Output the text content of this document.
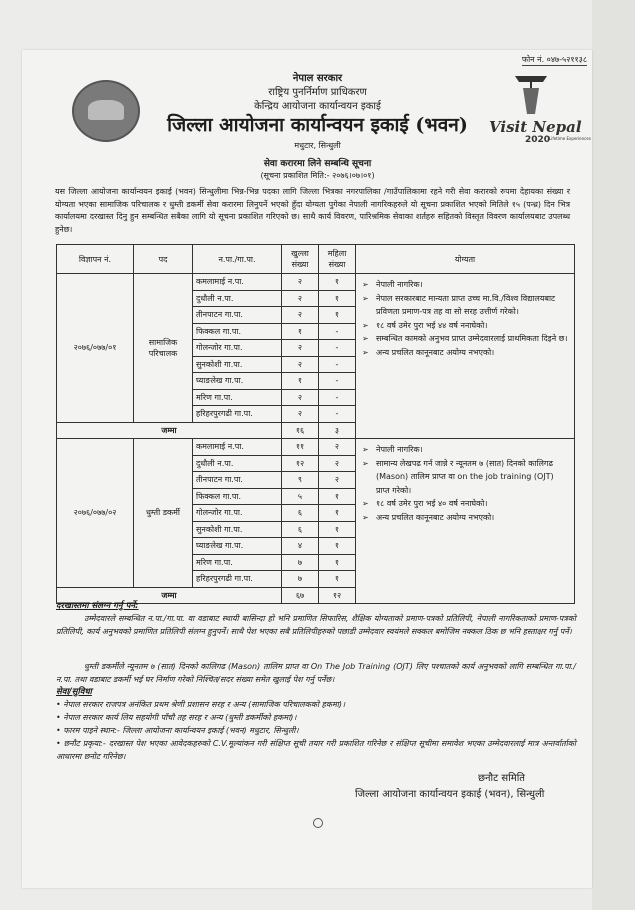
फोन नं. ०४७-५२११३८
Visit Nepal
2020
Lifetime Experiences
नेपाल सरकार
राष्ट्रिय पुनर्निर्माण प्राधिकरण
केन्द्रिय आयोजना कार्यान्वयन इकाई
जिल्ला आयोजना कार्यान्वयन इकाई (भवन)
मधुटार, सिन्धुली
सेवा करारमा लिने सम्बन्धि सूचना
(सूचना प्रकाशित मिति:- २०७६।०७।०१)
यस जिल्ला आयोजना कार्यान्वयन इकाई (भवन) सिन्धुलीमा भिन्न-भिन्न पदका लागि जिल्ला भित्रका नगरपालिका /गाउँपालिकामा रहने गरी सेवा करारको रुपमा देहायका संख्या र योग्यता भएका सामाजिक परिचालक र धुम्ती डकर्मी सेवा करारमा लिनुपर्ने भएको हुँदा योग्यता पुगेका नेपाली नागरिकहरुले यो सूचना प्रकाशित भएको मितिले १५ (पन्ध्र) दिन भित्र कार्यालयमा दरखास्त दिनु हुन सम्बन्धित सबैका लागि यो सूचना प्रकाशित गरिएको छ। साथै कार्य विवरण, पारिश्रमिक सेवाका शर्तहरु सहितको विस्तृत विवरण कार्यालयबाट उपलब्ध हुनेछ।
विज्ञापन नं.	पद	न.पा./गा.पा.	खुल्ला संख्या	महिला संख्या	योग्यता
२०७६/०७७/०१	सामाजिक परिचालक	कमलामाई न.पा.	२	१	➢ नेपाली नागरिक।
➢ नेपाल सरकारबाट मान्यता प्राप्त उच्च मा.वि./विश्व विद्यालयबाट प्रविणता प्रमाण-पत्र तह वा सो सरह उत्तीर्ण गरेको।
➢ १८ वर्ष उमेर पुरा भई ४४ वर्ष ननाघेको।
➢ सम्बन्धित कामको अनुभव प्राप्त उम्मेदवारलाई प्राथमिकता दिइने छ।
➢ अन्य प्रचलित कानूनबाट अयोग्य नभएको।

		दुधौली न.पा.	२	१	
		तीनपाटन गा.पा.	२	१	
		फिक्कल गा.पा.	१	-	
		गोलन्जोर गा.पा.	२	-	
		सुनकोशी गा.पा.	२	-	
		घ्याङलेख गा.पा.	१	-	
		मरिण गा.पा.	२	-	
		हरिहरपुरगढी गा.पा.	२	-	
जम्मा			१६	३	
२०७६/०७७/०२	धुम्ती डकर्मी	कमलामाई न.पा.	११	२	➢ नेपाली नागरिक।
➢ सामान्य लेखपढ गर्न जान्ने र न्यूनतम ७ (सात) दिनको कालिगढ (Mason) तालिम प्राप्त वा on the job training (OJT) प्राप्त गरेको।
➢ १८ वर्ष उमेर पुरा भई ४० वर्ष ननाघेको।
➢ अन्य प्रचलित कानूनबाट अयोग्य नभएको।

		दुधौली न.पा.	१२	२	
		तीनपाटन गा.पा.	९	२	
		फिक्कल गा.पा.	५	१	
		गोलन्जोर गा.पा.	६	१	
		सुनकोशी गा.पा.	६	१	
		घ्याङलेख गा.पा.	४	१	
		मरिण गा.पा.	७	१	
		हरिहरपुरगढी गा.पा.	७	१	
जम्मा			६७	१२	
दरखास्तमा संलग्न गर्नु पर्ने:
उम्मेदवारले सम्बन्धित न.पा./गा.पा. वा वडाबाट स्थायी बासिन्दा हो भनि प्रमाणित सिफारिस, शैक्षिक योग्यताको प्रमाण-पत्रको प्रतिलिपी, नेपाली नागरिकताको प्रमाण-पत्रको प्रतिलिपी, कार्य अनुभवको प्रमाणित प्रतिलिपी संलग्न हुनुपर्ने। साथै पेश भएका सबै प्रतिलिपीहरुको पछाडी उम्मेदवार स्वयंमले सक्कल बमोजिम नक्कल ठिक छ भनि हस्ताक्षर गर्नु पर्ने।
धुम्ती डकर्मीले न्यूनतम ७ (सात) दिनको कालिगढ (Mason) तालिम प्राप्त वा On The Job Training (OJT) लिए पश्चातको कार्य अनुभवको लागि सम्बन्धित गा.पा./न.पा. तथा वडाबाट डकर्मी भई घर निर्माण गरेको निश्चित/सदर संख्या समेत खुलाई पेश गर्नु पर्नेछ।
सेवा/सुविधा
• नेपाल सरकार राजपत्र अनंकित प्रथम श्रेणी प्रशासन सरह र अन्य (सामाजिक परिचालकको हकमा)।
• नेपाल सरकार कार्य लिय सहयोगी पाँचौ तह सरह र अन्य (धुम्ती डकर्मीको हकमा)।
• फारम पाइने स्थान:- जिल्ला आयोजना कार्यान्वयन इकाई (भवन) मधुटार, सिन्धुली।
• छनौट प्रकृया:- दरखास्त पेश भएका आवेदकहरुको C.V.मूल्यांकन गरी संक्षिप्त सूची तयार गरी प्रकाशित गरिनेछ र संक्षिप्त सूचीमा समावेश भएका उम्मेदवारलाई मात्र अन्तर्वार्ताको आधारमा छनोट गरिनेछ।
छनौट समिति
जिल्ला आयोजना कार्यान्वयन इकाई (भवन), सिन्धुली
